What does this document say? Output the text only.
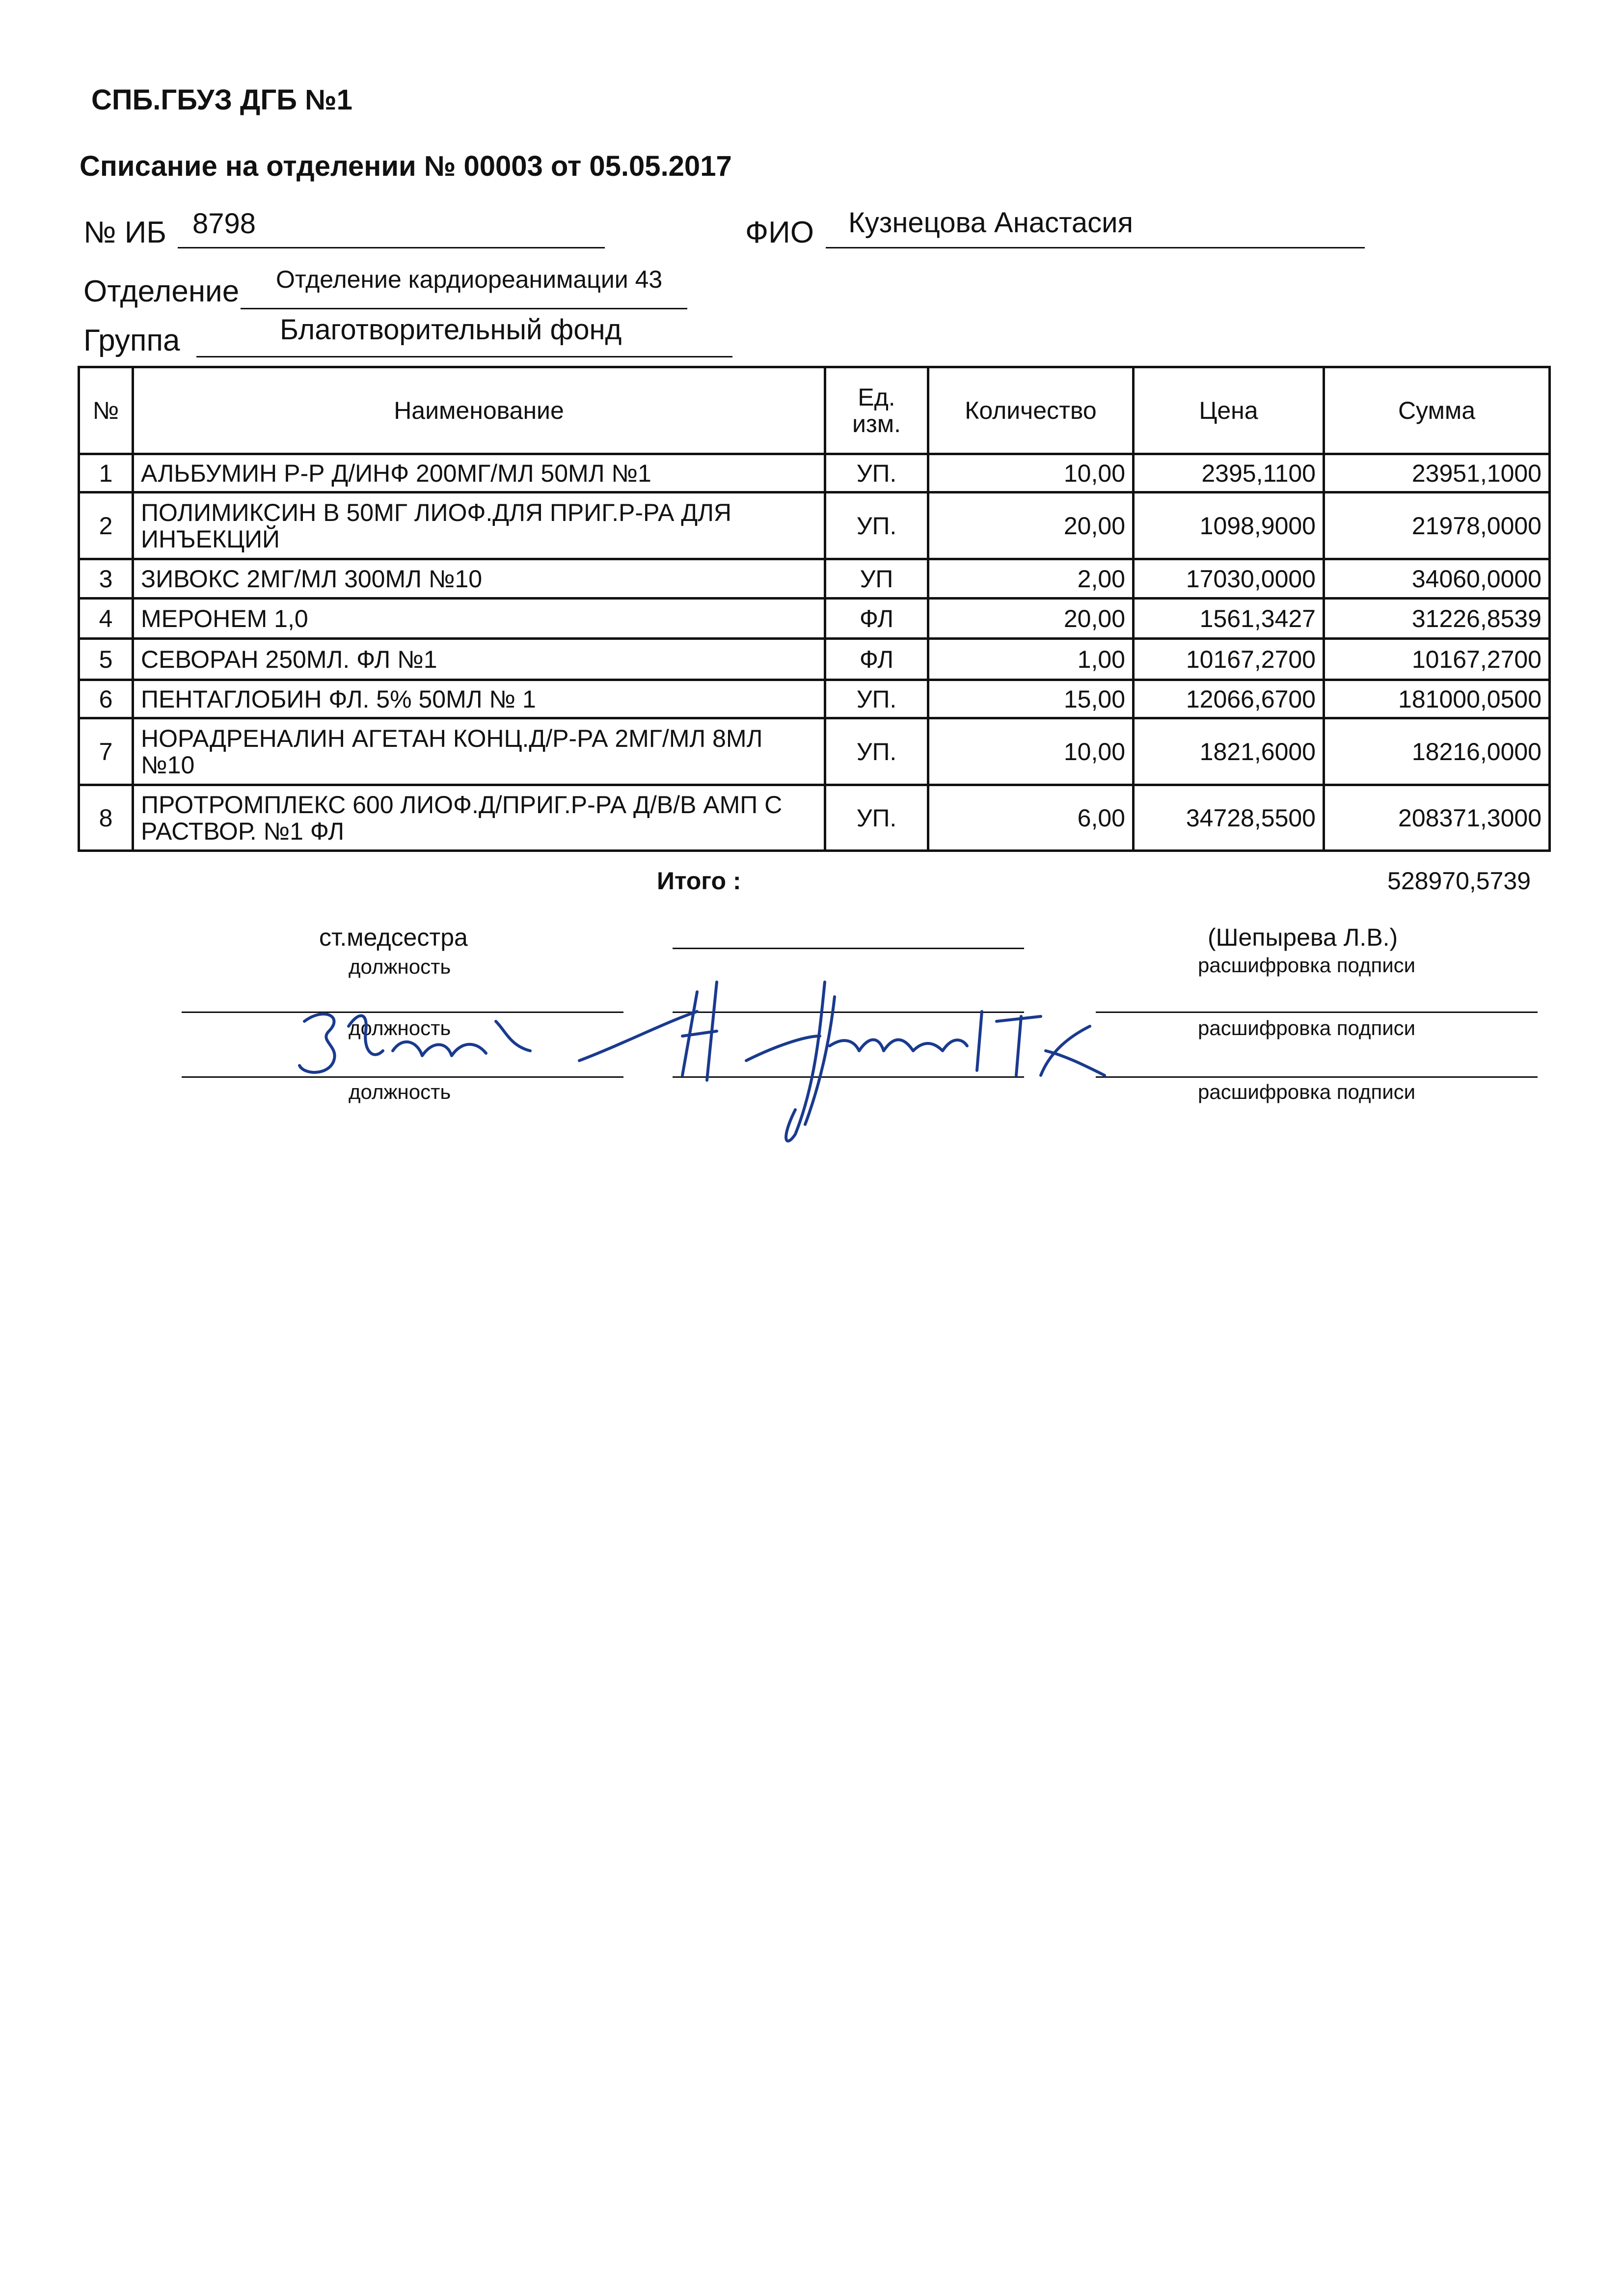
СПБ.ГБУЗ ДГБ №1
Списание на отделении № 00003 от 05.05.2017
№ ИБ 8798	ФИО Кузнецова Анастасия
Отделение Отделение кардиореанимации 43
Группа	Благотворительный фонд
№	Наименование	Ед. изм.	Количество	Цена	Сумма
1	АЛЬБУМИН Р-Р Д/ИНФ 200МГ/МЛ 50МЛ №1	УП.	10,00	2395,1100	23951,1000
2	ПОЛИМИКСИН В 50МГ ЛИОФ.ДЛЯ ПРИГ.Р-РА ДЛЯ ИНЪЕКЦИЙ	УП.	20,00	1098,9000	21978,0000
3	ЗИВОКС 2МГ/МЛ 300МЛ №10	УП	2,00	17030,0000	34060,0000
4	МЕРОНЕМ 1,0	ФЛ	20,00	1561,3427	31226,8539
5	СЕВОРАН 250МЛ. ФЛ №1	ФЛ	1,00	10167,2700	10167,2700
6	ПЕНТАГЛОБИН ФЛ. 5% 50МЛ № 1	УП.	15,00	12066,6700	181000,0500
7	НОРАДРЕНАЛИН АГЕТАН КОНЦ.Д/Р-РА 2МГ/МЛ 8МЛ №10	УП.	10,00	1821,6000	18216,0000
8	ПРОТРОМПЛЕКС 600 ЛИОФ.Д/ПРИГ.Р-РА Д/В/В АМП С РАСТВОР. №1 ФЛ	УП.	6,00	34728,5500	208371,3000
Итого :	528970,5739
ст.медсестра
должность
(Шепырева Л.В.)
расшифровка подписи
должность	расшифровка подписи
должность	расшифровка подписи
